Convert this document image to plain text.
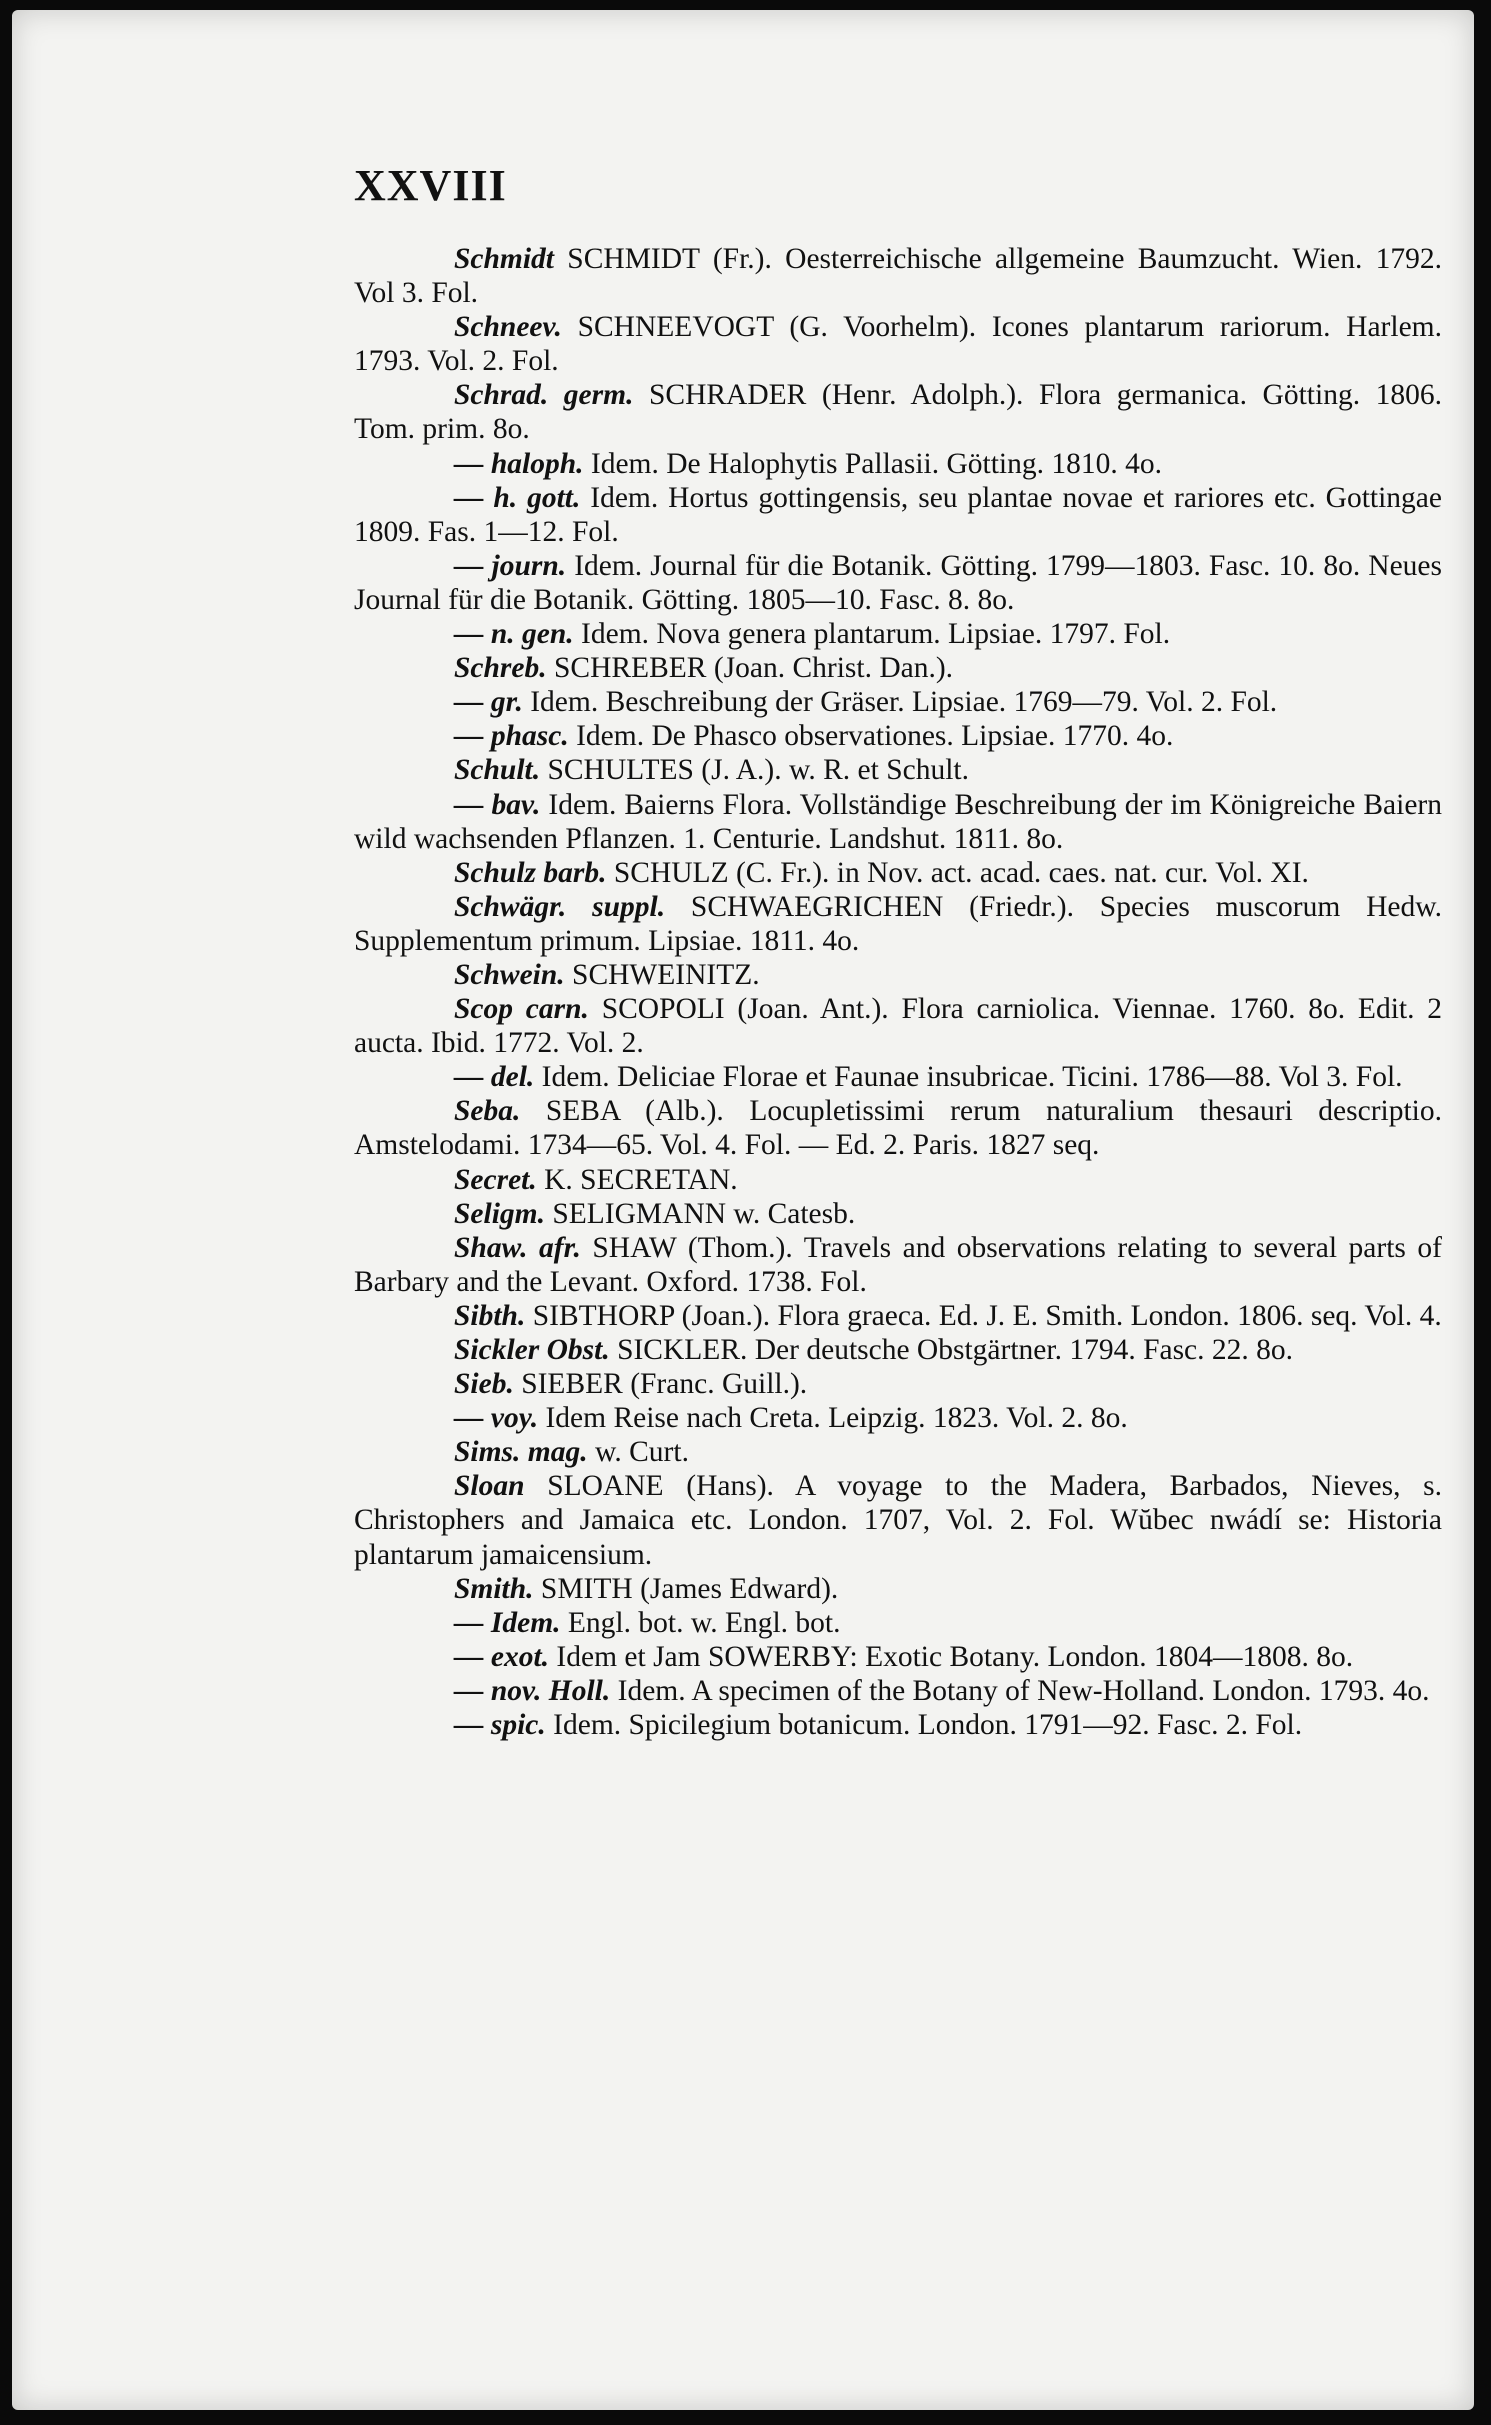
XXVIII

Schmidt SCHMIDT (Fr.). Oesterreichische allgemeine Baumzucht. Wien. 1792. Vol 3. Fol.

Schneev. SCHNEEVOGT (G. Voorhelm). Icones plantarum rariorum. Harlem. 1793. Vol. 2. Fol.

Schrad. germ. SCHRADER (Henr. Adolph.). Flora germanica. Götting. 1806. Tom. prim. 8o.

— haloph. Idem. De Halophytis Pallasii. Götting. 1810. 4o.

— h. gott. Idem. Hortus gottingensis, seu plantae novae et rariores etc. Gottingae 1809. Fas. 1—12. Fol.

— journ. Idem. Journal für die Botanik. Götting. 1799—1803. Fasc. 10. 8o. Neues Journal für die Botanik. Götting. 1805—10. Fasc. 8. 8o.

— n. gen. Idem. Nova genera plantarum. Lipsiae. 1797. Fol.

Schreb. SCHREBER (Joan. Christ. Dan.).

— gr. Idem. Beschreibung der Gräser. Lipsiae. 1769—79. Vol. 2. Fol.

— phasc. Idem. De Phasco observationes. Lipsiae. 1770. 4o.

Schult. SCHULTES (J. A.). w. R. et Schult.

— bav. Idem. Baierns Flora. Vollständige Beschreibung der im Königreiche Baiern wild wachsenden Pflanzen. 1. Centurie. Landshut. 1811. 8o.

Schulz barb. SCHULZ (C. Fr.). in Nov. act. acad. caes. nat. cur. Vol. XI.

Schwägr. suppl. SCHWAEGRICHEN (Friedr.). Species muscorum Hedw. Supplementum primum. Lipsiae. 1811. 4o.

Schwein. SCHWEINITZ.

Scop carn. SCOPOLI (Joan. Ant.). Flora carniolica. Viennae. 1760. 8o. Edit. 2 aucta. Ibid. 1772. Vol. 2.

— del. Idem. Deliciae Florae et Faunae insubricae. Ticini. 1786—88. Vol 3. Fol.

Seba. SEBA (Alb.). Locupletissimi rerum naturalium thesauri descriptio. Amstelodami. 1734—65. Vol. 4. Fol. — Ed. 2. Paris. 1827 seq.

Secret. K. SECRETAN.

Seligm. SELIGMANN w. Catesb.

Shaw. afr. SHAW (Thom.). Travels and observations relating to several parts of Barbary and the Levant. Oxford. 1738. Fol.

Sibth. SIBTHORP (Joan.). Flora graeca. Ed. J. E. Smith. London. 1806. seq. Vol. 4.

Sickler Obst. SICKLER. Der deutsche Obstgärtner. 1794. Fasc. 22. 8o.

Sieb. SIEBER (Franc. Guill.).

— voy. Idem Reise nach Creta. Leipzig. 1823. Vol. 2. 8o.

Sims. mag. w. Curt.

Sloan SLOANE (Hans). A voyage to the Madera, Barbados, Nieves, s. Christophers and Jamaica etc. London. 1707, Vol. 2. Fol. Wŭbec nwádí se: Historia plantarum jamaicensium.

Smith. SMITH (James Edward).

— Idem. Engl. bot. w. Engl. bot.

— exot. Idem et Jam SOWERBY: Exotic Botany. London. 1804—1808. 8o.

— nov. Holl. Idem. A specimen of the Botany of New-Holland. London. 1793. 4o.

— spic. Idem. Spicilegium botanicum. London. 1791—92. Fasc. 2. Fol.
